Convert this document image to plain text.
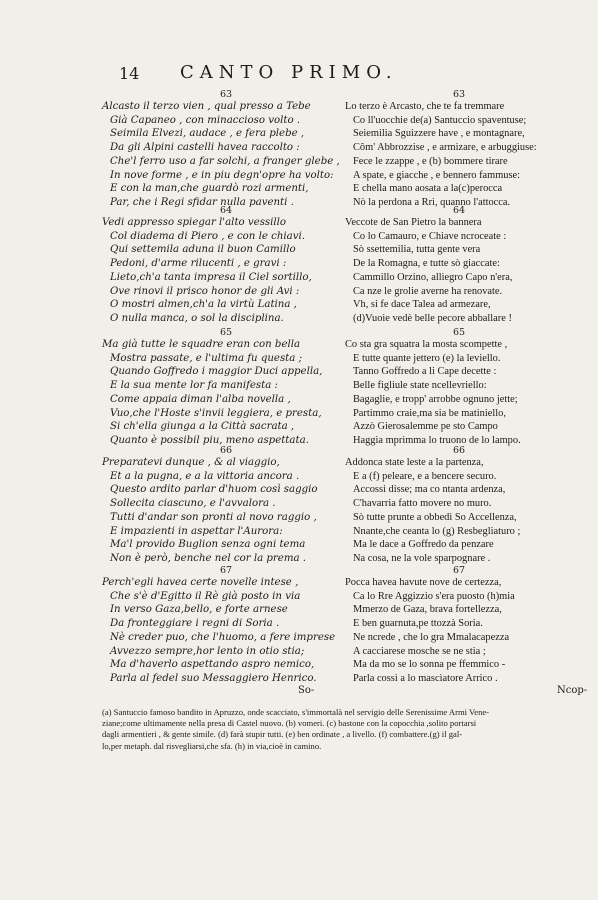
14 CANTO PRIMO.
63
Alcasto il terzo vien , qual presso a Tebe
Già Capaneo , con minaccioso volto .
Seimila Elvezi, audace , e fera plebe ,
Da gli Alpini castelli havea raccolto :
Che'l ferro uso a far solchi, a franger glebe ,
In nove forme , e in piu degn'opre ha volto:
E con la man,che guardò rozi armenti,
Par, che i Regi sfidar nulla paventi .
64
Vedi appresso spiegar l'alto vessillo
Col diadema di Piero , e con le chiavi.
Qui settemila aduna il buon Camillo
Pedoni, d'arme rilucenti , e gravi :
Lieto,ch'a tanta impresa il Ciel sortillo,
Ove rinovi il prisco honor de gli Avi :
O mostri almen,ch'a la virtù Latina ,
O nulla manca, o sol la disciplina.
65
Ma già tutte le squadre eran con bella
Mostra passate, e l'ultima fu questa ;
Quando Goffredo i maggior Duci appella,
E la sua mente lor fa manifesta :
Come appaia diman l'alba novella ,
Vuo,che l'Hoste s'invii leggiera, e presta,
Si ch'ella giunga a la Città sacrata ,
Quanto è possibil piu, meno aspettata.
66
Preparatevi dunque , & al viaggio,
Et a la pugna, e a la vittoria ancora .
Questo ardito parlar d'huom così saggio
Sollecita ciascuno, e l'avvalora .
Tutti d'andar son pronti al novo raggio ,
E impazienti in aspettar l'Aurora:
Ma'l provido Buglion senza ogni tema
Non è però, benche nel cor la prema .
67
Perch'egli havea certe novelle intese ,
Che s'è d'Egitto il Rè già posto in via
In verso Gaza,bello, e forte arnese
Da fronteggiare i regni di Soria .
Nè creder puo, che l'huomo, a fere imprese
Avvezzo sempre,hor lento in otio stia;
Ma d'haverlo aspettando aspro nemico,
Parla al fedel suo Messaggiero Henrico.
So-
63
Lo terzo è Arcasto, che te fa tremmare
Co ll'uocchie de(a) Santuccio spaventuse;
Seiemilia Sguizzere have , e montagnare,
Côm' Abbrozzise , e armizare, e arbuggiuse:
Fece le zzappe , e (b) bommere tirare
A spate, e giacche , e bennero fammuse:
E chella mano aosata a la(c)perocca
Nò la perdona a Rri, quanno l'attocca.
64
Veccote de San Pietro la bannera
Co lo Camauro, e Chiave ncroceate :
Sò ssettemilia, tutta gente vera
De la Romagna, e tutte sò giaccate:
Cammillo Orzino, alliegro Capo n'era,
Ca nze le grolie averne ha renovate.
Vh, si fe dace Talea ad armezare,
(d)Vuoie vedè belle pecore abballare !
65
Co sta gra squatra la mosta scompette ,
E tutte quante jettero (e) la leviello.
Tanno Goffredo a li Cape decette :
Belle figliule state ncellevriello:
Bagaglie, e tropp' arrobbe ognuno jette;
Partimmo craie,ma sia be matiniello,
Azzò Gierosalemme pe sto Campo
Haggia mprimma lo truono de lo lampo.
66
Addonca state leste a la partenza,
E a (f) peleare, e a bencere securo.
Accossi disse; ma co ntanta ardenza,
C'havarria fatto movere no muro.
Sò tutte prunte a obbedì So Accellenza,
Nnante,che ceanta lo (g) Resbegliaturo ;
Ma le dace a Goffredo da penzare
Na cosa, ne la vole sparpognare .
67
Pocca havea havute nove de certezza,
Ca lo Rre Aggizzio s'era puosto (h)mia
Mmerzo de Gaza, brava fortellezza,
E ben guarnuta,pe ttozzà Soria.
Ne ncrede , che lo gra Mmalacapezza
A cacciarese mosche se ne stia ;
Ma da mo se lo sonna pe ffemmico -
Parla cossì a lo mascìatore Arrico .
Ncop-
(a) Santuccio famoso bandito in Apruzzo, onde scacciato, s'immortalà nel servigio delle Serenissime Armi Vene-
ziane;come ultimamente nella presa di Castel nuovo. (b) vomeri. (c) bastone con la copocchia ,solito portarsi
dagli armentieri , & gente simile. (d) farà stupir tutti. (e) ben ordinate , a livello. (f) combattere.(g) il gal-
lo,per metaph. dal risvegliarsi,che sfa. (h) in via,cioè in camino.
